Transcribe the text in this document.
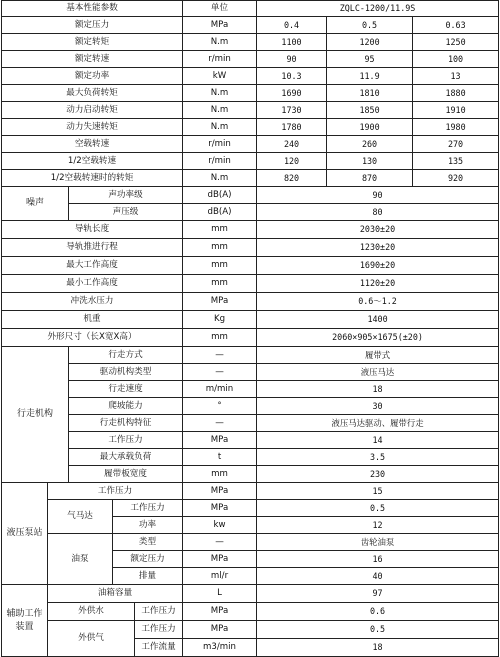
基本性能参数					单位	ZQLC-1200/11.9S	
额定压力					MPa	0.4	0.5 0.63

额定转矩					N.m	1100	1200 1250

额定转速					r/min	90	95 100

额定功率					kW	10.3	11.9 13

最大负荷转矩					N.m	1690	1810 1880

动力启动转矩					N.m	1730	1850 1910

动力失速转矩					N.m	1780	1900 1980

空载转速					r/min	240	260 270

1/2空载转速					r/min	120	130 135

1/2空载转速时的转矩					N.m	820	870 920

噪声		声功率级			dB(A)	90	
		声压级			dB(A)	80	
导轨长度					mm	2030±20	
导轨推进行程					mm	1230±20	
最大工作高度					mm	1690±20	
最小工作高度					mm	1120±20	
冲洗水压力					MPa	0.6～1.2	
机重					Kg	1400	
外形尺寸（长X宽X高）					mm	2060×905×1675(±20)	
行走机构		行走方式			—	履带式	
		驱动机构类型			—	液压马达	
		行走速度			m/min	18	
		爬坡能力			°	30	
		行走机构特征			—	液压马达驱动、履带行走	
		工作压力			MPa	14	
		最大承载负荷			t	3.5	
		履带板宽度			mm	230	
液压泵站	工作压力				MPa	15	
	气马达		工作压力		MPa	0.5	
			功率		kw	12	
	油泵		类型		—	齿轮油泵	
			额定压力		MPa	16	
			排量		ml/r	40	
辅助工作装置	油箱容量				L	97	
	外供水			工作压力	MPa	0.6	
	外供气			工作压力	MPa	0.5	
				工作流量	m3/min	18	
